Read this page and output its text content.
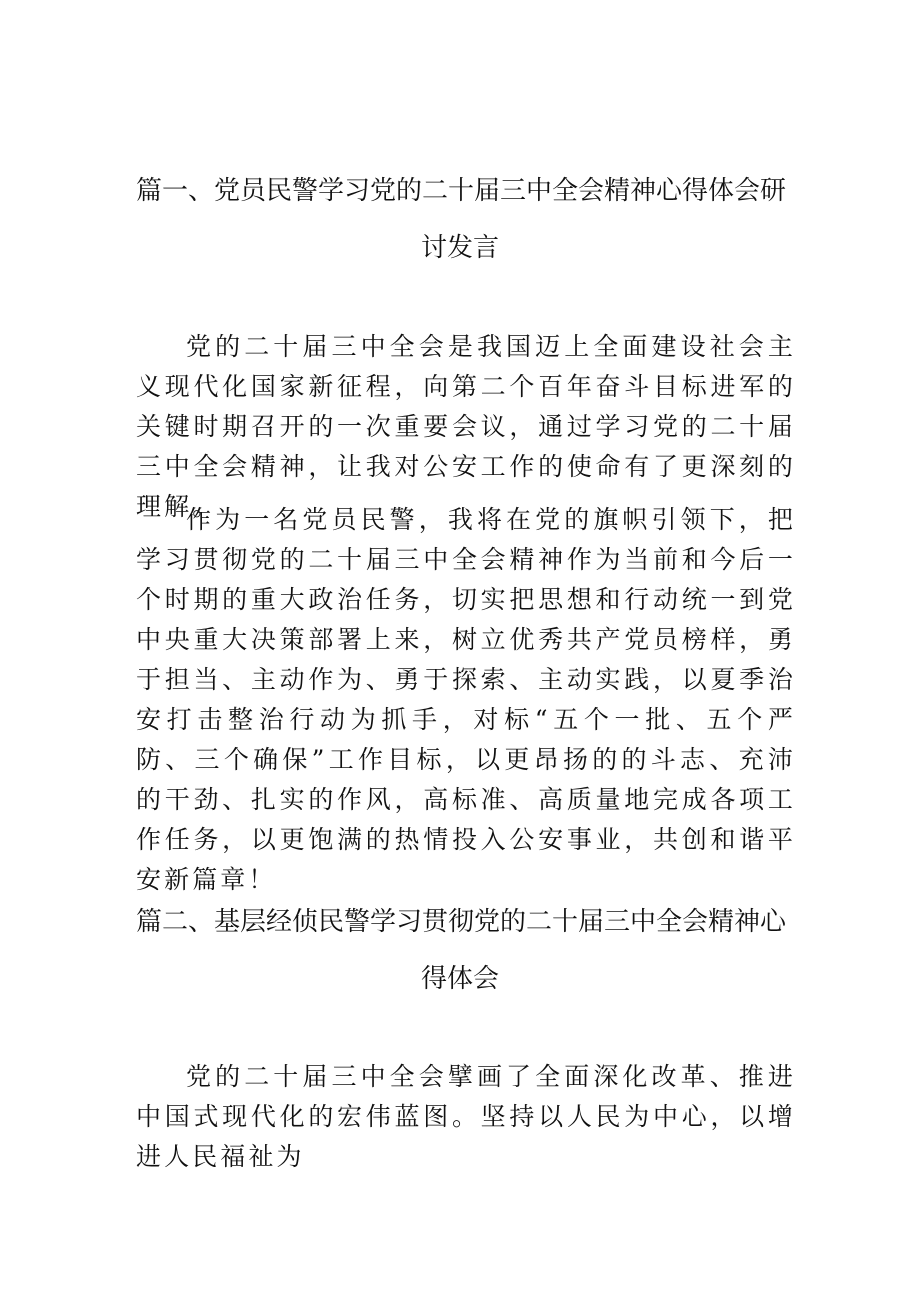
篇一、党员民警学习党的二十届三中全会精神心得体会研
讨发言
党的二十届三中全会是我国迈上全面建设社会主义现代化国家新征程，向第二个百年奋斗目标进军的关键时期召开的一次重要会议，通过学习党的二十届三中全会精神，让我对公安工作的使命有了更深刻的理解。
作为一名党员民警，我将在党的旗帜引领下，把学习贯彻党的二十届三中全会精神作为当前和今后一个时期的重大政治任务，切实把思想和行动统一到党中央重大决策部署上来，树立优秀共产党员榜样，勇于担当、主动作为、勇于探索、主动实践，以夏季治安打击整治行动为抓手，对标“五个一批、五个严防、三个确保”工作目标，以更昂扬的的斗志、充沛的干劲、扎实的作风，高标准、高质量地完成各项工作任务，以更饱满的热情投入公安事业，共创和谐平安新篇章！
篇二、基层经侦民警学习贯彻党的二十届三中全会精神心
得体会
党的二十届三中全会擘画了全面深化改革、推进中国式现代化的宏伟蓝图。坚持以人民为中心，以增进人民福祉为
